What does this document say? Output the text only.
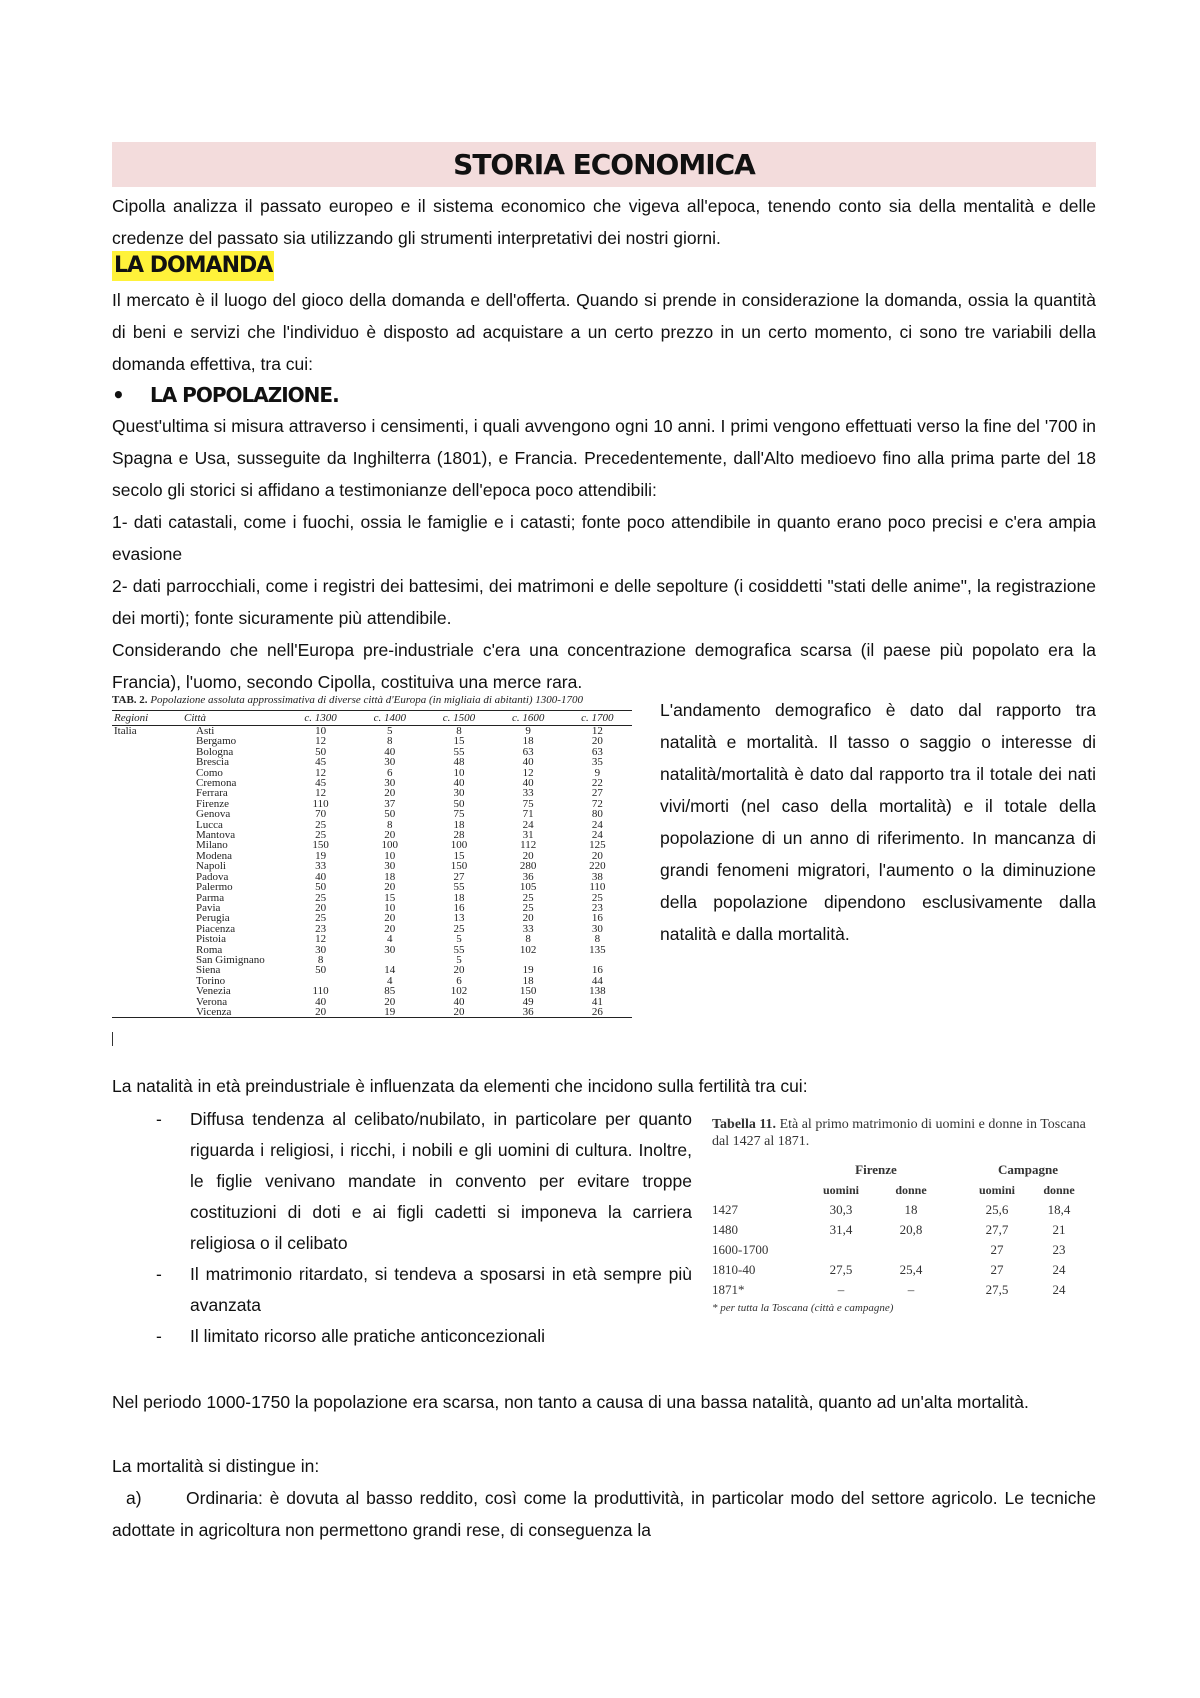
STORIA ECONOMICA

Cipolla analizza il passato europeo e il sistema economico che vigeva all'epoca, tenendo conto sia della mentalità e delle credenze del passato sia utilizzando gli strumenti interpretativi dei nostri giorni.

LA DOMANDA

Il mercato è il luogo del gioco della domanda e dell'offerta. Quando si prende in considerazione la domanda, ossia la quantità di beni e servizi che l'individuo è disposto ad acquistare a un certo prezzo in un certo momento, ci sono tre variabili della domanda effettiva, tra cui:

• LA POPOLAZIONE.

Quest'ultima si misura attraverso i censimenti, i quali avvengono ogni 10 anni. I primi vengono effettuati verso la fine del '700 in Spagna e Usa, susseguite da Inghilterra (1801), e Francia. Precedentemente, dall'Alto medioevo fino alla prima parte del 18 secolo gli storici si affidano a testimonianze dell'epoca poco attendibili:

1- dati catastali, come i fuochi, ossia le famiglie e i catasti; fonte poco attendibile in quanto erano poco precisi e c'era ampia evasione

2- dati parrocchiali, come i registri dei battesimi, dei matrimoni e delle sepolture (i cosiddetti "stati delle anime", la registrazione dei morti); fonte sicuramente più attendibile.

Considerando che nell'Europa pre-industriale c'era una concentrazione demografica scarsa (il paese più popolato era la Francia), l'uomo, secondo Cipolla, costituiva una merce rara.

TAB. 2. Popolazione assoluta approssimativa di diverse città d'Europa (in migliaia di abitanti) 1300-1700
Regioni	Città	c. 1300	c. 1400	c. 1500	c. 1600	c. 1700
Italia	Asti	10	5	8	9	12
	Bergamo	12	8	15	18	20
	Bologna	50	40	55	63	63
	Brescia	45	30	48	40	35
	Como	12	6	10	12	9
	Cremona	45	30	40	40	22
	Ferrara	12	20	30	33	27
	Firenze	110	37	50	75	72
	Genova	70	50	75	71	80
	Lucca	25	8	18	24	24
	Mantova	25	20	28	31	24
	Milano	150	100	100	112	125
	Modena	19	10	15	20	20
	Napoli	33	30	150	280	220
	Padova	40	18	27	36	38
	Palermo	50	20	55	105	110
	Parma	25	15	18	25	25
	Pavia	20	10	16	25	23
	Perugia	25	20	13	20	16
	Piacenza	23	20	25	33	30
	Pistoia	12	4	5	8	8
	Roma	30	30	55	102	135
	San Gimignano	8		5		
	Siena	50	14	20	19	16
	Torino		4	6	18	44
	Venezia	110	85	102	150	138
	Verona	40	20	40	49	41
	Vicenza	20	19	20	36	26

L'andamento demografico è dato dal rapporto tra natalità e mortalità. Il tasso o saggio o interesse di natalità/mortalità è dato dal rapporto tra il totale dei nati vivi/morti (nel caso della mortalità) e il totale della popolazione di un anno di riferimento. In mancanza di grandi fenomeni migratori, l'aumento o la diminuzione della popolazione dipendono esclusivamente dalla natalità e dalla mortalità.

La natalità in età preindustriale è influenzata da elementi che incidono sulla fertilità tra cui:

- Diffusa tendenza al celibato/nubilato, in particolare per quanto riguarda i religiosi, i ricchi, i nobili e gli uomini di cultura. Inoltre, le figlie venivano mandate in convento per evitare troppe costituzioni di doti e ai figli cadetti si imponeva la carriera religiosa o il celibato
- Il matrimonio ritardato, si tendeva a sposarsi in età sempre più avanzata
- Il limitato ricorso alle pratiche anticoncezionali
Tabella 11. Età al primo matrimonio di uomini e donne in Toscana dal 1427 al 1871.
	Firenze			Campagne	
	uomini	donne		uomini	donne
1427	30,3	18		25,6	18,4
1480	31,4	20,8		27,7	21
1600-1700				27	23
1810-40	27,5	25,4		27	24
1871*	–	–		27,5	24
* per tutta la Toscana (città e campagne)

Nel periodo 1000-1750 la popolazione era scarsa, non tanto a causa di una bassa natalità, quanto ad un'alta mortalità.

La mortalità si distingue in:

a)	Ordinaria: è dovuta al basso reddito, così come la produttività, in particolar modo del settore agricolo. Le tecniche adottate in agricoltura non permettono grandi rese, di conseguenza la
